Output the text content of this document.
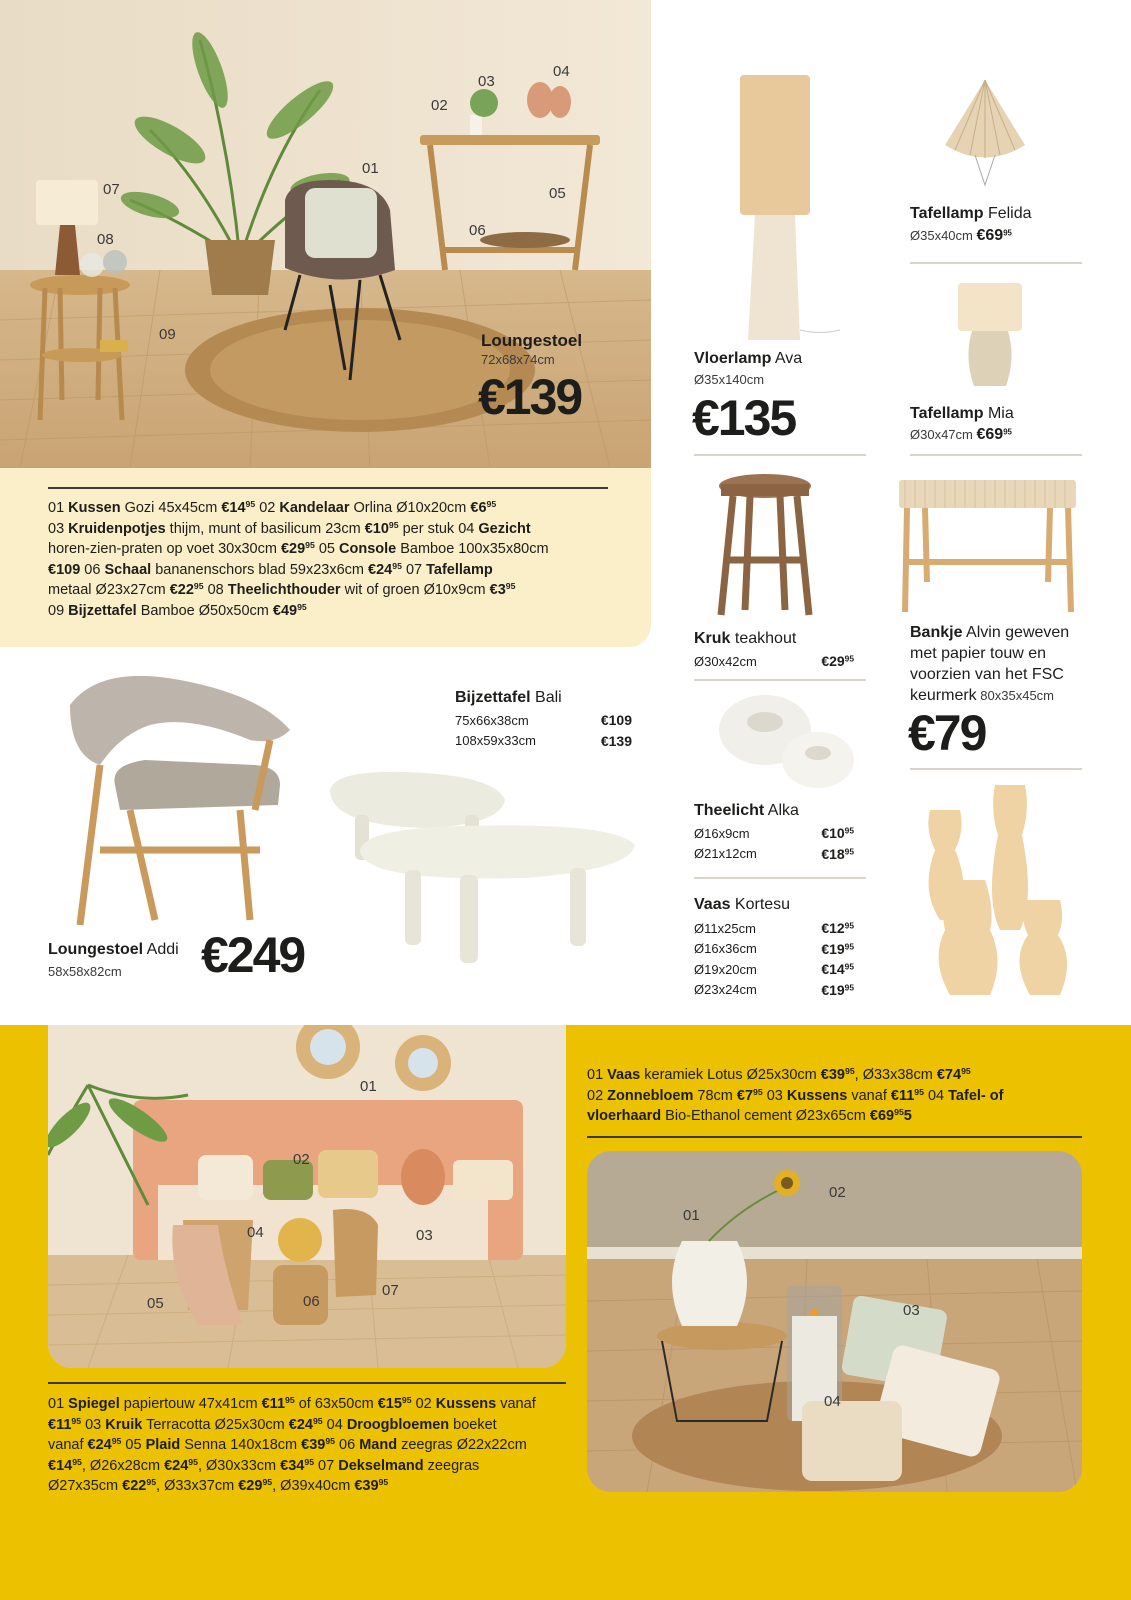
01
02
03
04
05
06
07
08
09	Loungestoel
72x68x74cm
€139
01 Kussen Gozi 45x45cm $€14^{95}$ 02 Kandelaar Orlina Ø10x20cm $€6^{95}$
03 Kruidenpotjes thijm, munt of basilicum 23cm $€10^{95}$ per stuk 04 Gezicht
horen-zien-praten op voet 30x30cm $€29^{95}$ 05 Console Bamboe 100x35x80cm
€109 06 Schaal bananenschors blad 59x23x6cm $€24^{95}$ 07 Tafellamp
metaal Ø23x27cm $€22^{95}$ 08 Theelichthouder wit of groen Ø10x9cm $€3^{95}$
09 Bijzettafel Bamboe Ø50x50cm $€49^{95}$
Vloerlamp Ava
Ø35x140cm
€135
Tafellamp Felida
Ø35x40cm $€69^{95}$
Tafellamp Mia
Ø30x47cm $€69^{95}$
Kruk teakhout
Ø30x42cm	$€29^{95}$
Bankje Alvin geweven met papier touw en voorzien van het FSC keurmerk 80x35x45cm
€79
Theelicht Alka
Ø16x9cm	$€10^{95}$
Ø21x12cm	$€18^{95}$
Vaas Kortesu
Ø11x25cm	$€12^{95}$
Ø16x36cm	$€19^{95}$
Ø19x20cm	$€14^{95}$
Ø23x24cm	$€19^{95}$
Loungestoel Addi
58x58x82cm €249
Bijzettafel Bali
75x66x38cm	€109
108x59x33cm	€139
01
02
03
04
05	06
07
01 Vaas keramiek Lotus Ø25x30cm $€39^{95}$, Ø33x38cm $€74^{95}$
02 Zonnebloem 78cm $€7^{95}$ 03 Kussens vanaf $€11^{95}$ 04 Tafel- of
vloerhaard Bio-Ethanol cement Ø23x65cm $€69^{95}5$
01
02
03
04
01 Spiegel papiertouw 47x41cm $€11^{95}$ of 63x50cm $€15^{95}$ 02 Kussens vanaf
$€11^{95}$ 03 Kruik Terracotta Ø25x30cm $€24^{95}$ 04 Droogbloemen boeket
vanaf $€24^{95}$ 05 Plaid Senna 140x18cm $€39^{95}$ 06 Mand zeegras Ø22x22cm
$€14^{95}$, Ø26x28cm $€24^{95}$, Ø30x33cm $€34^{95}$ 07 Dekselmand zeegras
Ø27x35cm $€22^{95}$, Ø33x37cm $€29^{95}$, Ø39x40cm $€39^{95}$
